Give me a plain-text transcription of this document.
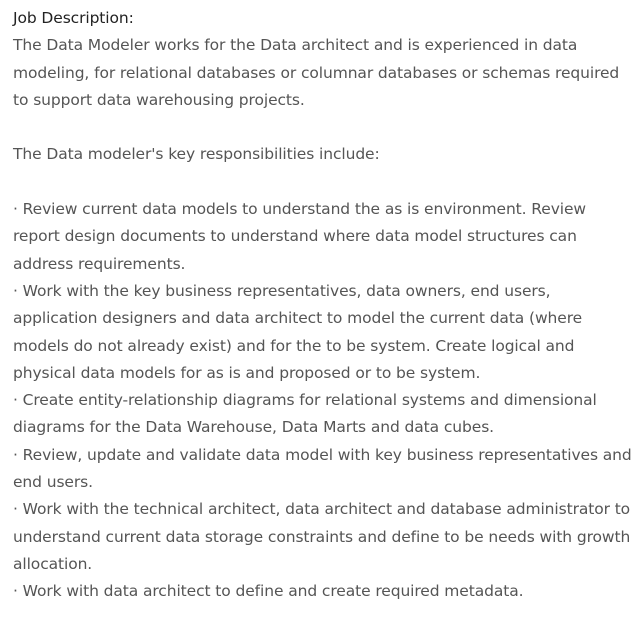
Job Description:

The Data Modeler works for the Data architect and is experienced in data modeling, for relational databases or columnar databases or schemas required to support data warehousing projects.

The Data modeler's key responsibilities include:

· Review current data models to understand the as is environment. Review report design documents to understand where data model structures can address requirements.
· Work with the key business representatives, data owners, end users, application designers and data architect to model the current data (where models do not already exist) and for the to be system. Create logical and physical data models for as is and proposed or to be system.
· Create entity-relationship diagrams for relational systems and dimensional diagrams for the Data Warehouse, Data Marts and data cubes.
· Review, update and validate data model with key business representatives and end users.
· Work with the technical architect, data architect and database administrator to understand current data storage constraints and define to be needs with growth allocation.
· Work with data architect to define and create required metadata.
